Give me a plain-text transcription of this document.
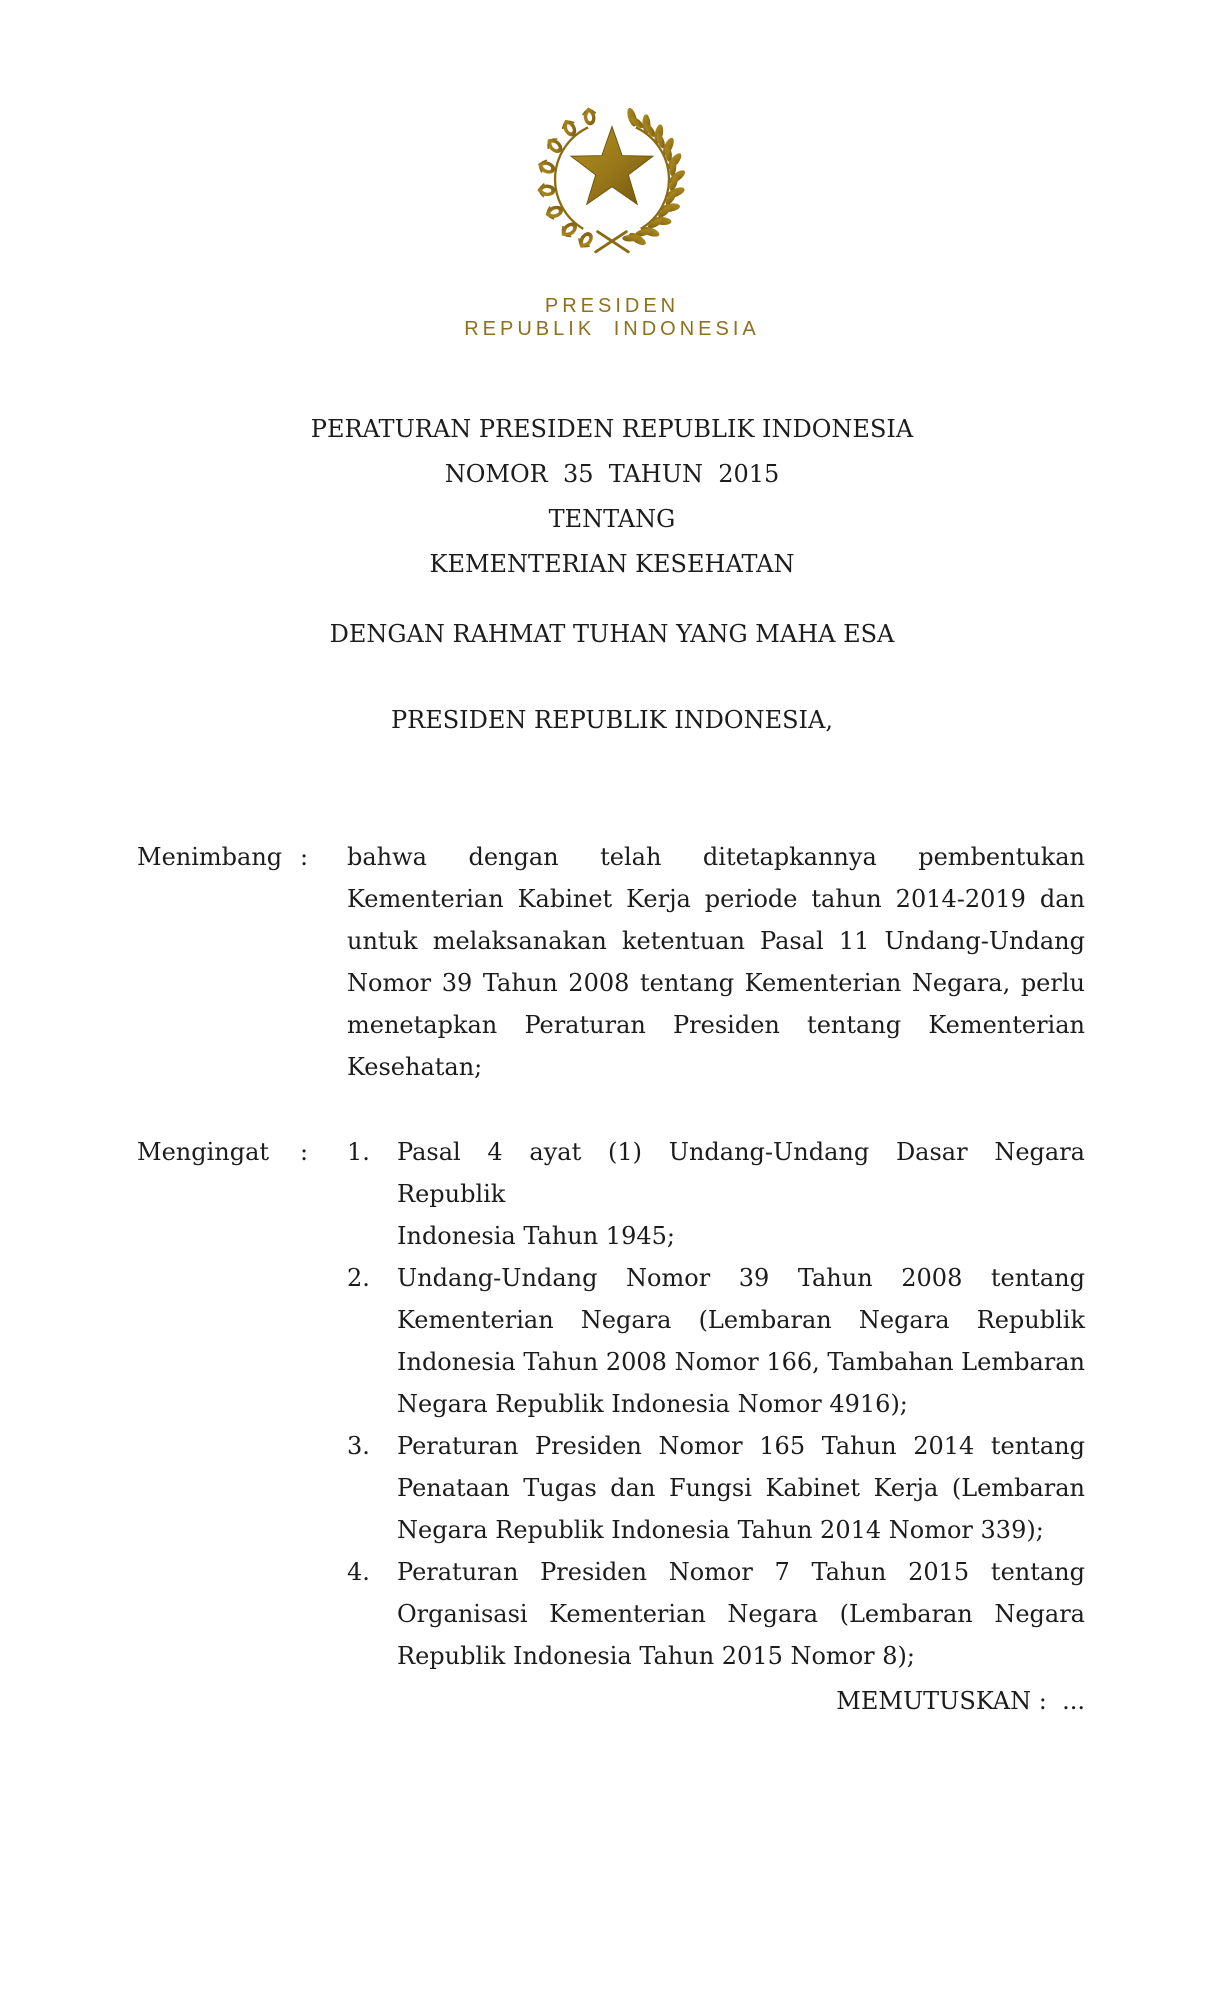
PRESIDEN
REPUBLIK INDONESIA
PERATURAN PRESIDEN REPUBLIK INDONESIA
NOMOR  35  TAHUN  2015
TENTANG
KEMENTERIAN KESEHATAN
DENGAN RAHMAT TUHAN YANG MAHA ESA
PRESIDEN REPUBLIK INDONESIA,
Menimbang : bahwa dengan telah ditetapkannya pembentukan
Kementerian Kabinet Kerja periode tahun 2014-2019 dan
untuk melaksanakan ketentuan Pasal 11 Undang-Undang
Nomor 39 Tahun 2008 tentang Kementerian Negara, perlu
menetapkan Peraturan Presiden tentang Kementerian
Kesehatan;
Mengingat : 1.	Pasal 4 ayat (1) Undang-Undang Dasar Negara Republik
Indonesia Tahun 1945;
2.	Undang-Undang Nomor 39 Tahun 2008 tentang
Kementerian Negara (Lembaran Negara Republik
Indonesia Tahun 2008 Nomor 166, Tambahan Lembaran
Negara Republik Indonesia Nomor 4916);
3.	Peraturan Presiden Nomor 165 Tahun 2014 tentang
Penataan Tugas dan Fungsi Kabinet Kerja (Lembaran
Negara Republik Indonesia Tahun 2014 Nomor 339);
4.	Peraturan Presiden Nomor 7 Tahun 2015 tentang
Organisasi Kementerian Negara (Lembaran Negara
Republik Indonesia Tahun 2015 Nomor 8);
MEMUTUSKAN :  ...
